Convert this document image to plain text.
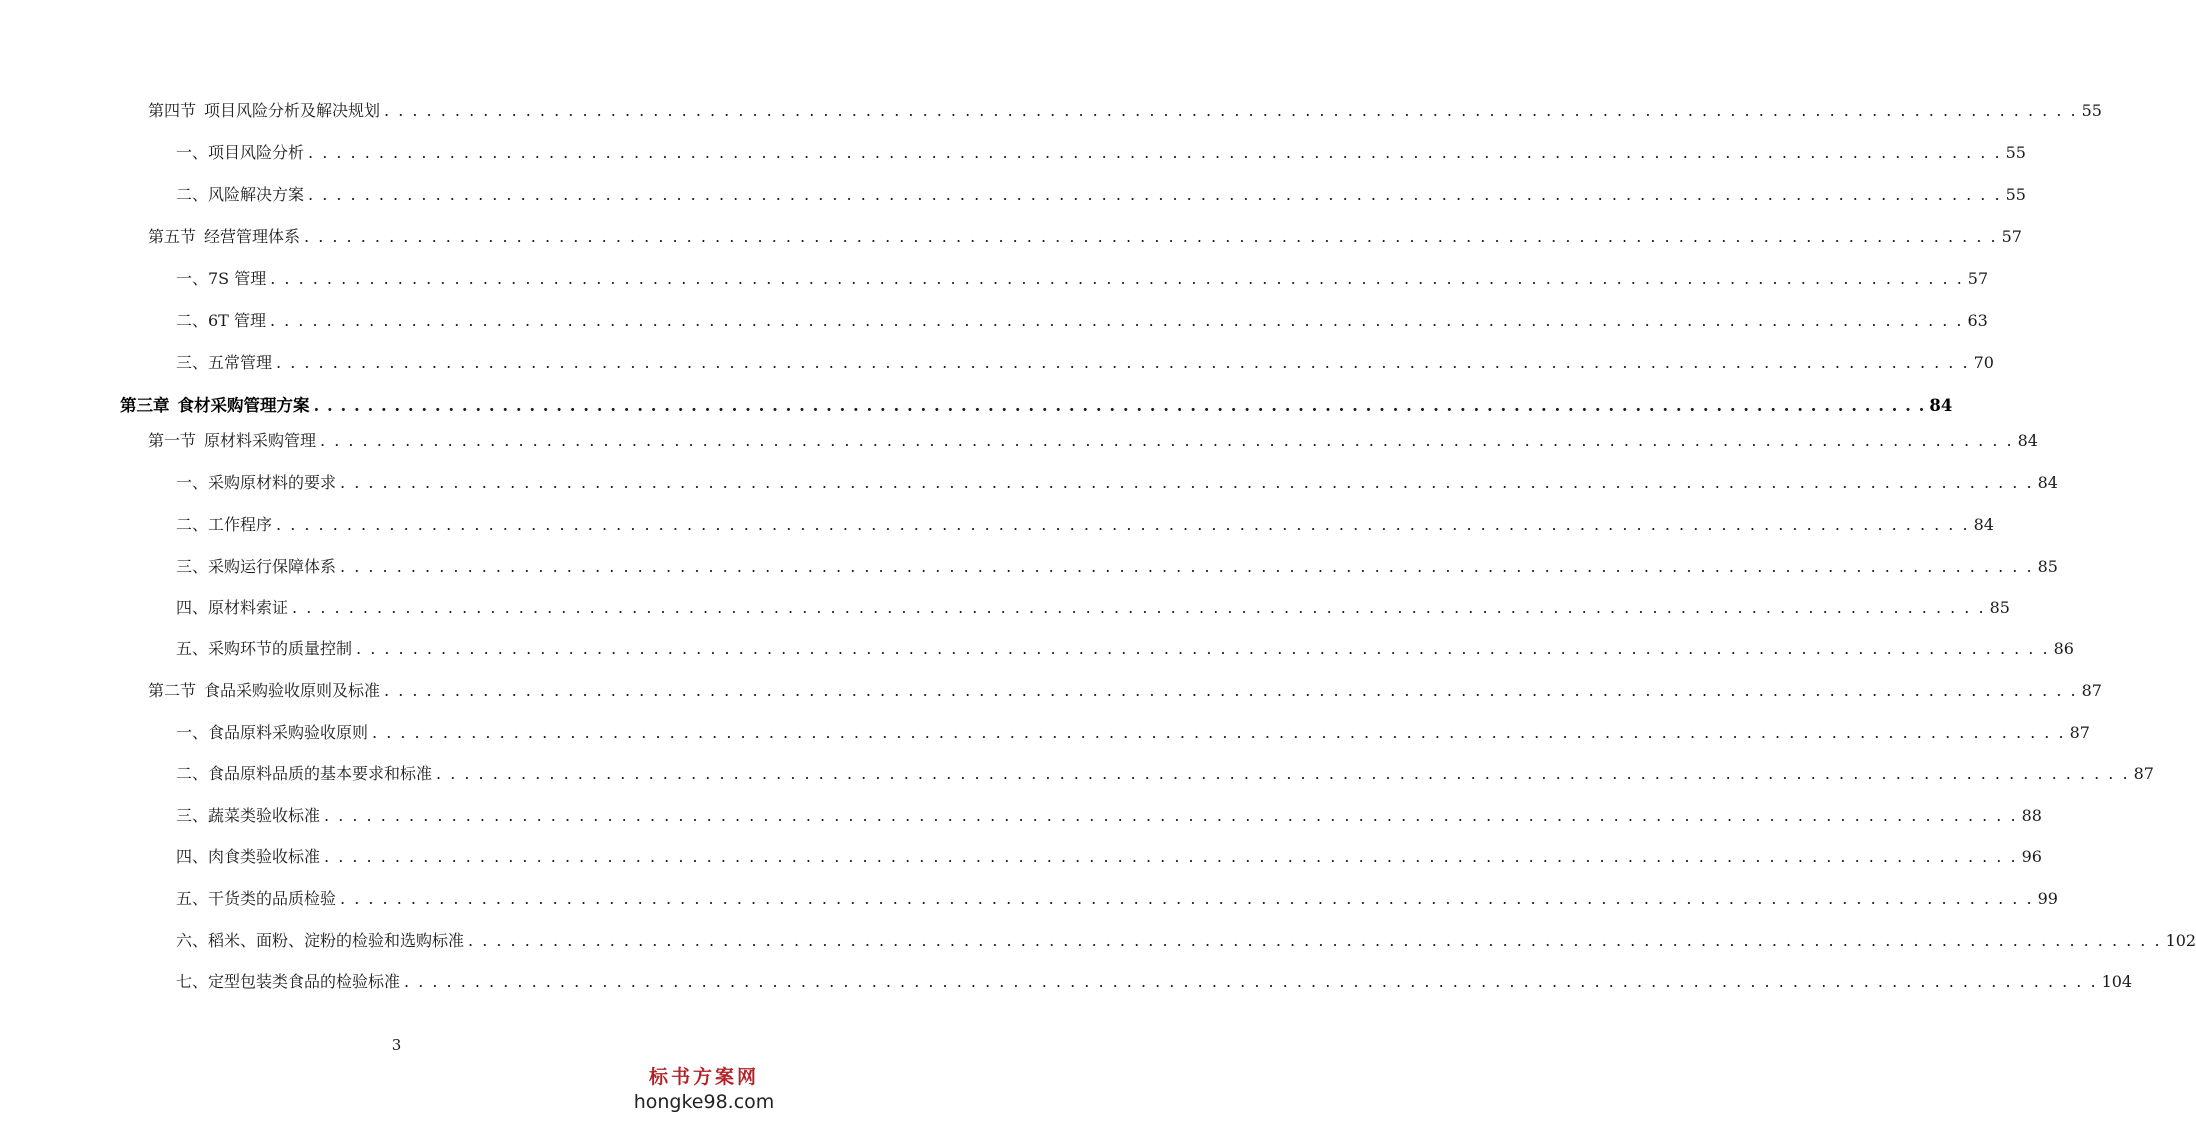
第四节 项目风险分析及解决规划 . . . . . . . . . . . . . . . . . . . . . . . . . . . . . . . . . . . . . . . . . . . . . . . . . . . . . . . . . . . . . . . . . . . . . . . . . . . . . . . . . . . . . . . . . . . . . . . . . . . . . . . . . . . . . . . . . . . . . . . . 55
一、项目风险分析 . . . . . . . . . . . . . . . . . . . . . . . . . . . . . . . . . . . . . . . . . . . . . . . . . . . . . . . . . . . . . . . . . . . . . . . . . . . . . . . . . . . . . . . . . . . . . . . . . . . . . . . . . . . . . . . . . . . . . . . . 55
二、风险解决方案 . . . . . . . . . . . . . . . . . . . . . . . . . . . . . . . . . . . . . . . . . . . . . . . . . . . . . . . . . . . . . . . . . . . . . . . . . . . . . . . . . . . . . . . . . . . . . . . . . . . . . . . . . . . . . . . . . . . . . . . . 55
第五节 经营管理体系 . . . . . . . . . . . . . . . . . . . . . . . . . . . . . . . . . . . . . . . . . . . . . . . . . . . . . . . . . . . . . . . . . . . . . . . . . . . . . . . . . . . . . . . . . . . . . . . . . . . . . . . . . . . . . . . . . . . . . . . . 57
一、7S 管理 . . . . . . . . . . . . . . . . . . . . . . . . . . . . . . . . . . . . . . . . . . . . . . . . . . . . . . . . . . . . . . . . . . . . . . . . . . . . . . . . . . . . . . . . . . . . . . . . . . . . . . . . . . . . . . . . . . . . . . . . 57
二、6T 管理 . . . . . . . . . . . . . . . . . . . . . . . . . . . . . . . . . . . . . . . . . . . . . . . . . . . . . . . . . . . . . . . . . . . . . . . . . . . . . . . . . . . . . . . . . . . . . . . . . . . . . . . . . . . . . . . . . . . . . . . . 63
三、五常管理 . . . . . . . . . . . . . . . . . . . . . . . . . . . . . . . . . . . . . . . . . . . . . . . . . . . . . . . . . . . . . . . . . . . . . . . . . . . . . . . . . . . . . . . . . . . . . . . . . . . . . . . . . . . . . . . . . . . . . . . . 70
第三章 食材采购管理方案 . . . . . . . . . . . . . . . . . . . . . . . . . . . . . . . . . . . . . . . . . . . . . . . . . . . . . . . . . . . . . . . . . . . . . . . . . . . . . . . . . . . . . . . . . . . . . . . . . . . . . . . . . . . . . . . . . . . . . . . . 84
第一节 原材料采购管理 . . . . . . . . . . . . . . . . . . . . . . . . . . . . . . . . . . . . . . . . . . . . . . . . . . . . . . . . . . . . . . . . . . . . . . . . . . . . . . . . . . . . . . . . . . . . . . . . . . . . . . . . . . . . . . . . . . . . . . . . 84
一、采购原材料的要求 . . . . . . . . . . . . . . . . . . . . . . . . . . . . . . . . . . . . . . . . . . . . . . . . . . . . . . . . . . . . . . . . . . . . . . . . . . . . . . . . . . . . . . . . . . . . . . . . . . . . . . . . . . . . . . . . . . . . . . . . 84
二、工作程序 . . . . . . . . . . . . . . . . . . . . . . . . . . . . . . . . . . . . . . . . . . . . . . . . . . . . . . . . . . . . . . . . . . . . . . . . . . . . . . . . . . . . . . . . . . . . . . . . . . . . . . . . . . . . . . . . . . . . . . . . 84
三、采购运行保障体系 . . . . . . . . . . . . . . . . . . . . . . . . . . . . . . . . . . . . . . . . . . . . . . . . . . . . . . . . . . . . . . . . . . . . . . . . . . . . . . . . . . . . . . . . . . . . . . . . . . . . . . . . . . . . . . . . . . . . . . . . 85
四、原材料索证 . . . . . . . . . . . . . . . . . . . . . . . . . . . . . . . . . . . . . . . . . . . . . . . . . . . . . . . . . . . . . . . . . . . . . . . . . . . . . . . . . . . . . . . . . . . . . . . . . . . . . . . . . . . . . . . . . . . . . . . . 85
五、采购环节的质量控制 . . . . . . . . . . . . . . . . . . . . . . . . . . . . . . . . . . . . . . . . . . . . . . . . . . . . . . . . . . . . . . . . . . . . . . . . . . . . . . . . . . . . . . . . . . . . . . . . . . . . . . . . . . . . . . . . . . . . . . . . 86
第二节 食品采购验收原则及标准 . . . . . . . . . . . . . . . . . . . . . . . . . . . . . . . . . . . . . . . . . . . . . . . . . . . . . . . . . . . . . . . . . . . . . . . . . . . . . . . . . . . . . . . . . . . . . . . . . . . . . . . . . . . . . . . . . . . . . . . . 87
一、食品原料采购验收原则 . . . . . . . . . . . . . . . . . . . . . . . . . . . . . . . . . . . . . . . . . . . . . . . . . . . . . . . . . . . . . . . . . . . . . . . . . . . . . . . . . . . . . . . . . . . . . . . . . . . . . . . . . . . . . . . . . . . . . . . . 87
二、食品原料品质的基本要求和标准 . . . . . . . . . . . . . . . . . . . . . . . . . . . . . . . . . . . . . . . . . . . . . . . . . . . . . . . . . . . . . . . . . . . . . . . . . . . . . . . . . . . . . . . . . . . . . . . . . . . . . . . . . . . . . . . . . . . . . . . . 87
三、蔬菜类验收标准 . . . . . . . . . . . . . . . . . . . . . . . . . . . . . . . . . . . . . . . . . . . . . . . . . . . . . . . . . . . . . . . . . . . . . . . . . . . . . . . . . . . . . . . . . . . . . . . . . . . . . . . . . . . . . . . . . . . . . . . . 88
四、肉食类验收标准 . . . . . . . . . . . . . . . . . . . . . . . . . . . . . . . . . . . . . . . . . . . . . . . . . . . . . . . . . . . . . . . . . . . . . . . . . . . . . . . . . . . . . . . . . . . . . . . . . . . . . . . . . . . . . . . . . . . . . . . . 96
五、干货类的品质检验 . . . . . . . . . . . . . . . . . . . . . . . . . . . . . . . . . . . . . . . . . . . . . . . . . . . . . . . . . . . . . . . . . . . . . . . . . . . . . . . . . . . . . . . . . . . . . . . . . . . . . . . . . . . . . . . . . . . . . . . . 99
六、稻米、面粉、淀粉的检验和选购标准 . . . . . . . . . . . . . . . . . . . . . . . . . . . . . . . . . . . . . . . . . . . . . . . . . . . . . . . . . . . . . . . . . . . . . . . . . . . . . . . . . . . . . . . . . . . . . . . . . . . . . . . . . . . . . . . . . . . . . . . . 102
七、定型包装类食品的检验标准 . . . . . . . . . . . . . . . . . . . . . . . . . . . . . . . . . . . . . . . . . . . . . . . . . . . . . . . . . . . . . . . . . . . . . . . . . . . . . . . . . . . . . . . . . . . . . . . . . . . . . . . . . . . . . . . . . . . . . . . . 104
3
标书方案网
hongke98.com
